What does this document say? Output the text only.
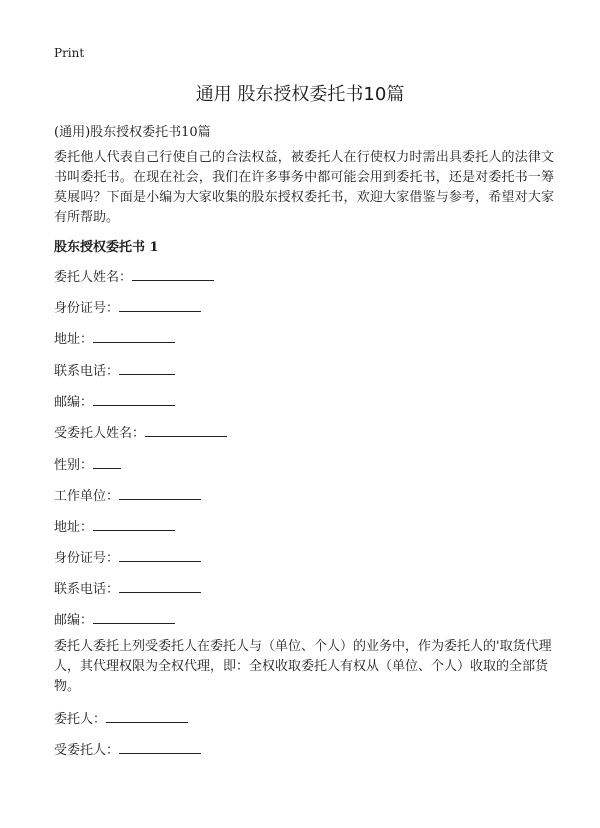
Print
通用 股东授权委托书10篇

(通用)股东授权委托书10篇

委托他人代表自己行使自己的合法权益，被委托人在行使权力时需出具委托人的法律文书叫委托书。在现在社会，我们在许多事务中都可能会用到委托书，还是对委托书一筹莫展吗？下面是小编为大家收集的股东授权委托书，欢迎大家借鉴与参考，希望对大家有所帮助。

股东授权委托书 1

委托人姓名：
身份证号：
地址：
联系电话：
邮编：
受委托人姓名：
性别：
工作单位：
地址：
身份证号：
联系电话：
邮编：

委托人委托上列受委托人在委托人与（单位、个人）的业务中，作为委托人的'取货代理人，其代理权限为全权代理，即：全权收取委托人有权从（单位、个人）收取的全部货物。

委托人：
受委托人：
